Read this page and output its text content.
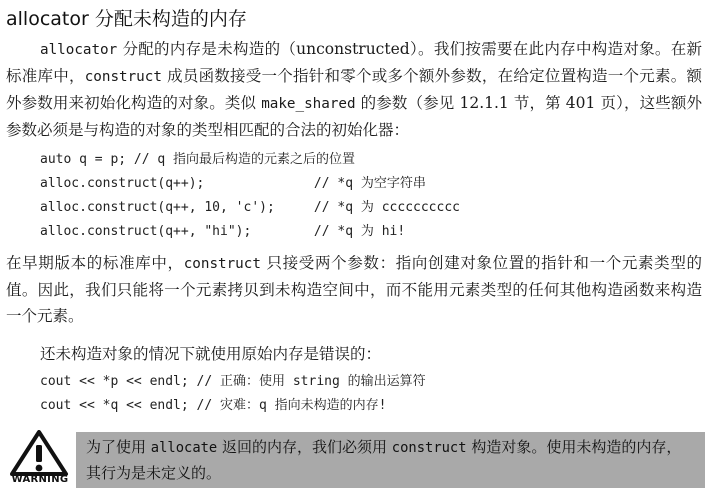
allocator 分配未构造的内存

allocator 分配的内存是未构造的（unconstructed）。我们按需要在此内存中构造对象。在新标准库中，construct 成员函数接受一个指针和零个或多个额外参数，在给定位置构造一个元素。额外参数用来初始化构造的对象。类似 make_shared 的参数（参见 12.1.1 节，第 401 页），这些额外参数必须是与构造的对象的类型相匹配的合法的初始化器：

auto q = p; // q 指向最后构造的元素之后的位置
alloc.construct(q++);              // *q 为空字符串
alloc.construct(q++, 10, 'c');     // *q 为 cccccccccc
alloc.construct(q++, "hi");        // *q 为 hi!

在早期版本的标准库中，construct 只接受两个参数：指向创建对象位置的指针和一个元素类型的值。因此，我们只能将一个元素拷贝到未构造空间中，而不能用元素类型的任何其他构造函数来构造一个元素。

还未构造对象的情况下就使用原始内存是错误的：

cout << *p << endl; // 正确：使用 string 的输出运算符
cout << *q << endl; // 灾难：q 指向未构造的内存!
WARNING

为了使用 allocate 返回的内存，我们必须用 construct 构造对象。使用未构造的内存，其行为是未定义的。
